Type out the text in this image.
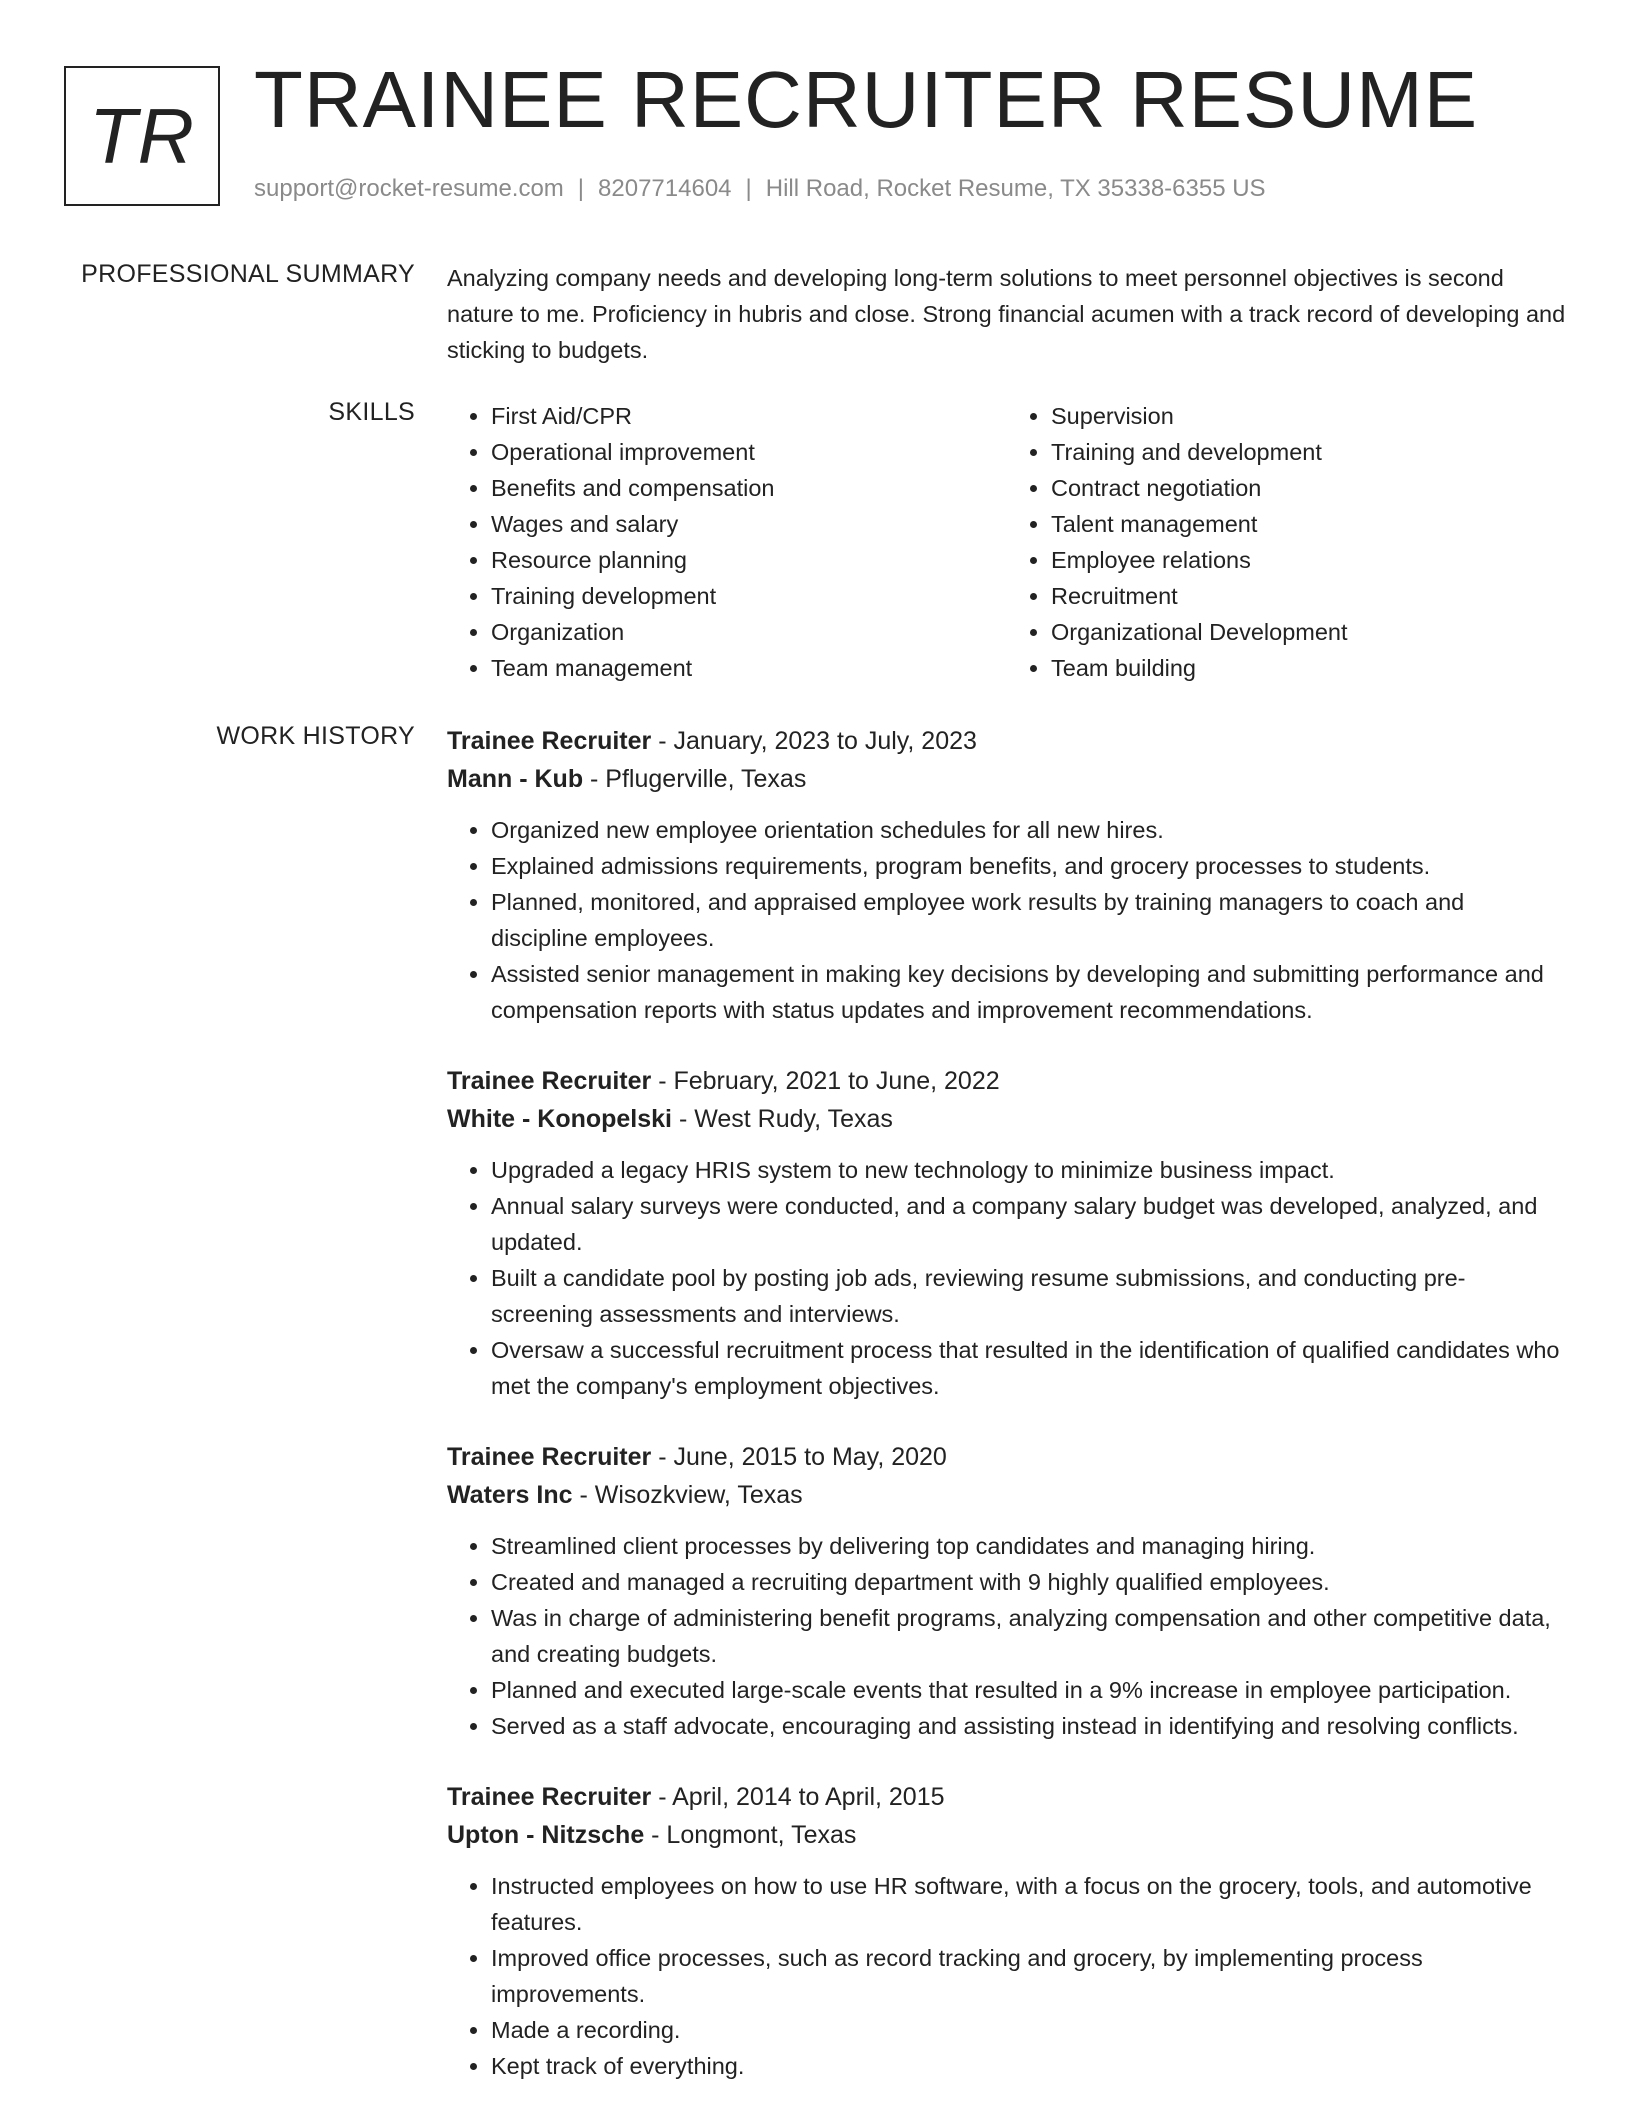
TR TRAINEE RECRUITER RESUME
support@rocket-resume.com | 8207714604 | Hill Road, Rocket Resume, TX 35338-6355 US
PROFESSIONAL SUMMARY Analyzing company needs and developing long-term solutions to meet personnel objectives is second nature to me. Proficiency in hubris and close. Strong financial acumen with a track record of developing and sticking to budgets.

SKILLS
•	First Aid/CPR
• Operational improvement
• Benefits and compensation
• Wages and salary
• Resource planning
• Training development
• Organization
• Team management
• Supervision
• Training and development
• Contract negotiation
• Talent management
• Employee relations
• Recruitment
• Organizational Development
• Team building
WORK HISTORY Trainee Recruiter - January, 2023 to July, 2023
Mann - Kub - Pflugerville, Texas
• Organized new employee orientation schedules for all new hires.
• Explained admissions requirements, program benefits, and grocery processes to students.
• Planned, monitored, and appraised employee work results by training managers to coach and discipline employees.
• Assisted senior management in making key decisions by developing and submitting performance and compensation reports with status updates and improvement recommendations.
Trainee Recruiter - February, 2021 to June, 2022
White - Konopelski - West Rudy, Texas
• Upgraded a legacy HRIS system to new technology to minimize business impact.
• Annual salary surveys were conducted, and a company salary budget was developed, analyzed, and updated.
• Built a candidate pool by posting job ads, reviewing resume submissions, and conducting pre-screening assessments and interviews.
• Oversaw a successful recruitment process that resulted in the identification of qualified candidates who met the company's employment objectives.
Trainee Recruiter - June, 2015 to May, 2020
Waters Inc - Wisozkview, Texas
• Streamlined client processes by delivering top candidates and managing hiring.
• Created and managed a recruiting department with 9 highly qualified employees.
• Was in charge of administering benefit programs, analyzing compensation and other competitive data, and creating budgets.
• Planned and executed large-scale events that resulted in a 9% increase in employee participation.
• Served as a staff advocate, encouraging and assisting instead in identifying and resolving conflicts.
Trainee Recruiter - April, 2014 to April, 2015
Upton - Nitzsche - Longmont, Texas
• Instructed employees on how to use HR software, with a focus on the grocery, tools, and automotive features.
• Improved office processes, such as record tracking and grocery, by implementing process improvements.
• Made a recording.
• Kept track of everything.
